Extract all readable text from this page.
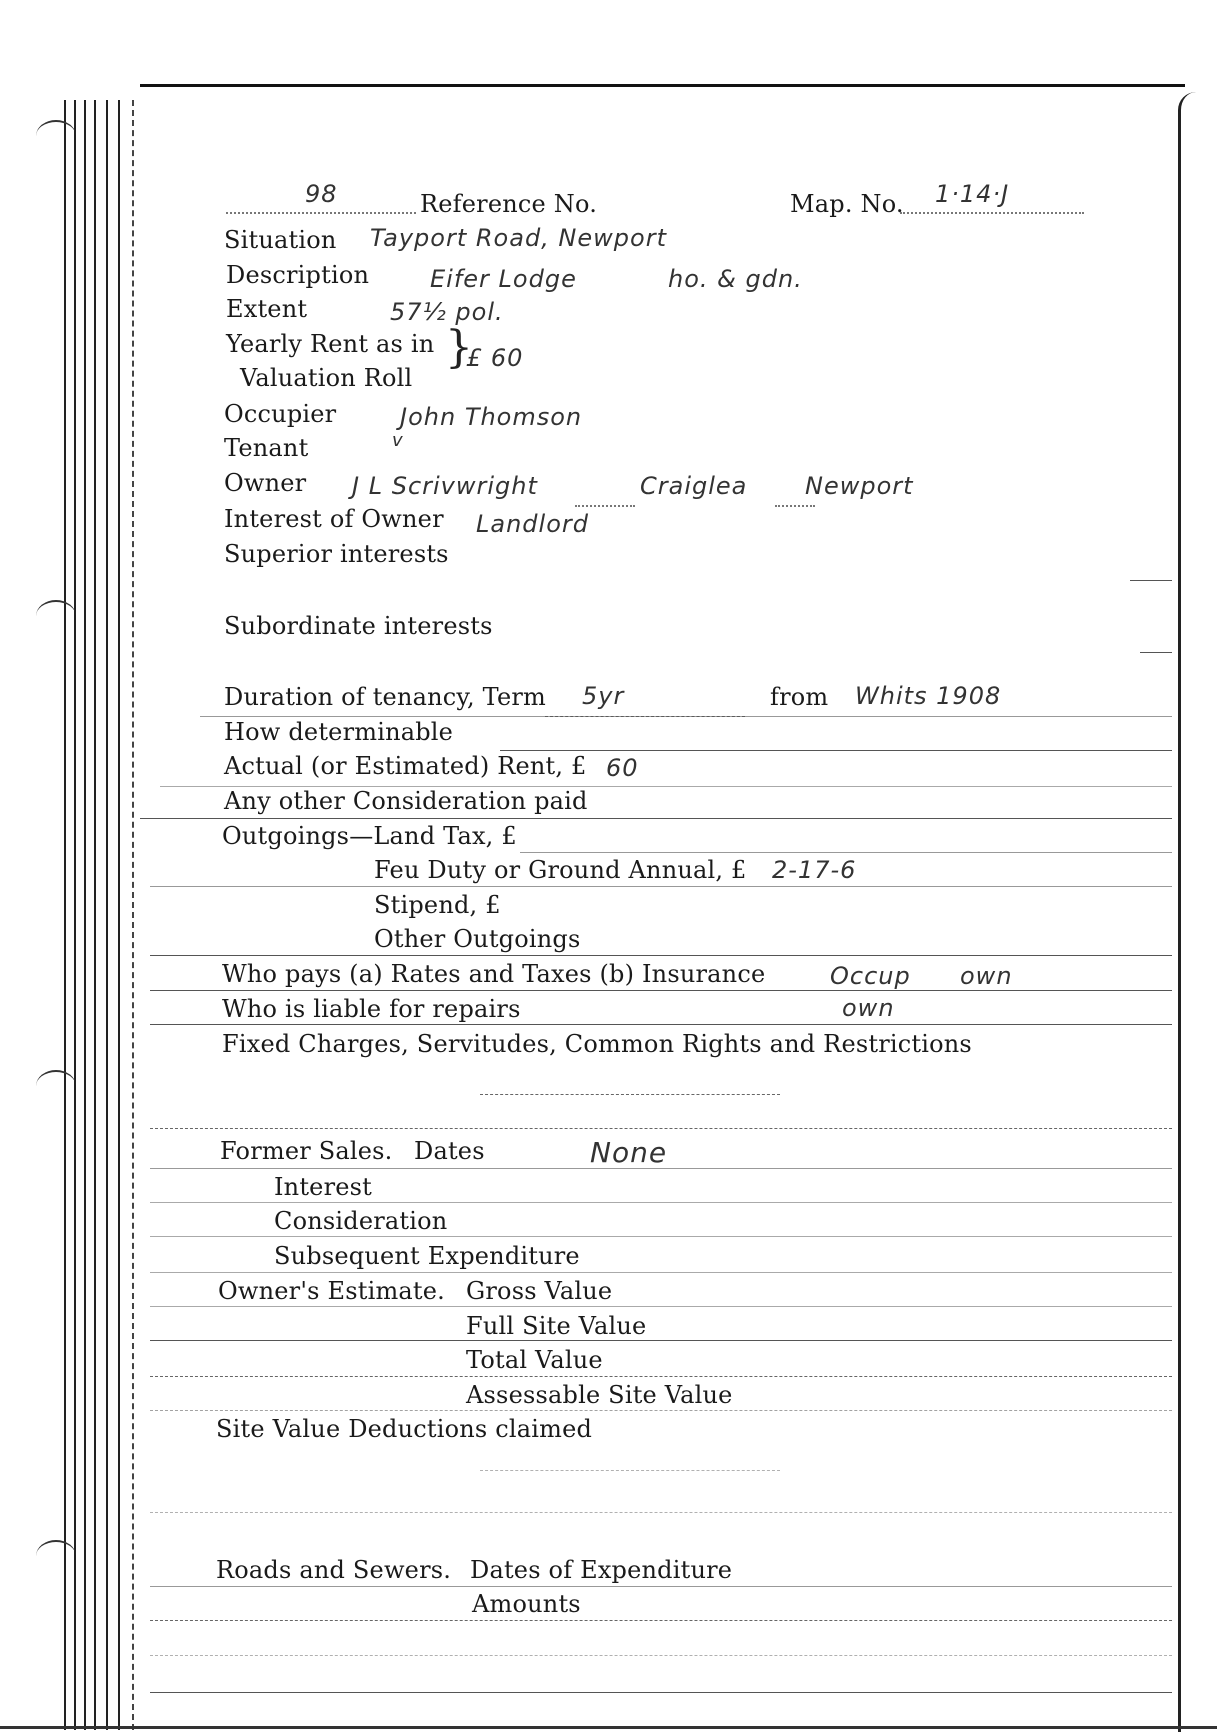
98	Reference No.	Map. No. 1·14·J
Situation Tayport Road, Newport
Description	Eifer Lodge	ho. & gdn.
Extent	57½ pol.
Yearly Rent as in
Valuation Roll
}
£ 60
Occupier	John Thomson
Tenant	v
Owner J L Scrivwright	Craiglea Newport
Interest of Owner Landlord
Superior interests
Subordinate interests
Duration of tenancy, Term 5yr	from Whits 1908
How determinable
Actual (or Estimated) Rent, £ 60
Any other Consideration paid
Outgoings—Land Tax, £
Feu Duty or Ground Annual, £ 2-17-6
Stipend, £
Other Outgoings
Who pays (a) Rates and Taxes (b) Insurance	Occup own
Who is liable for repairs	own
Fixed Charges, Servitudes, Common Rights and Restrictions
Former Sales. Dates	None
Interest
Consideration
Subsequent Expenditure
Owner's Estimate. Gross Value
Full Site Value
Total Value
Assessable Site Value
Site Value Deductions claimed
Roads and Sewers. Dates of Expenditure
Amounts
